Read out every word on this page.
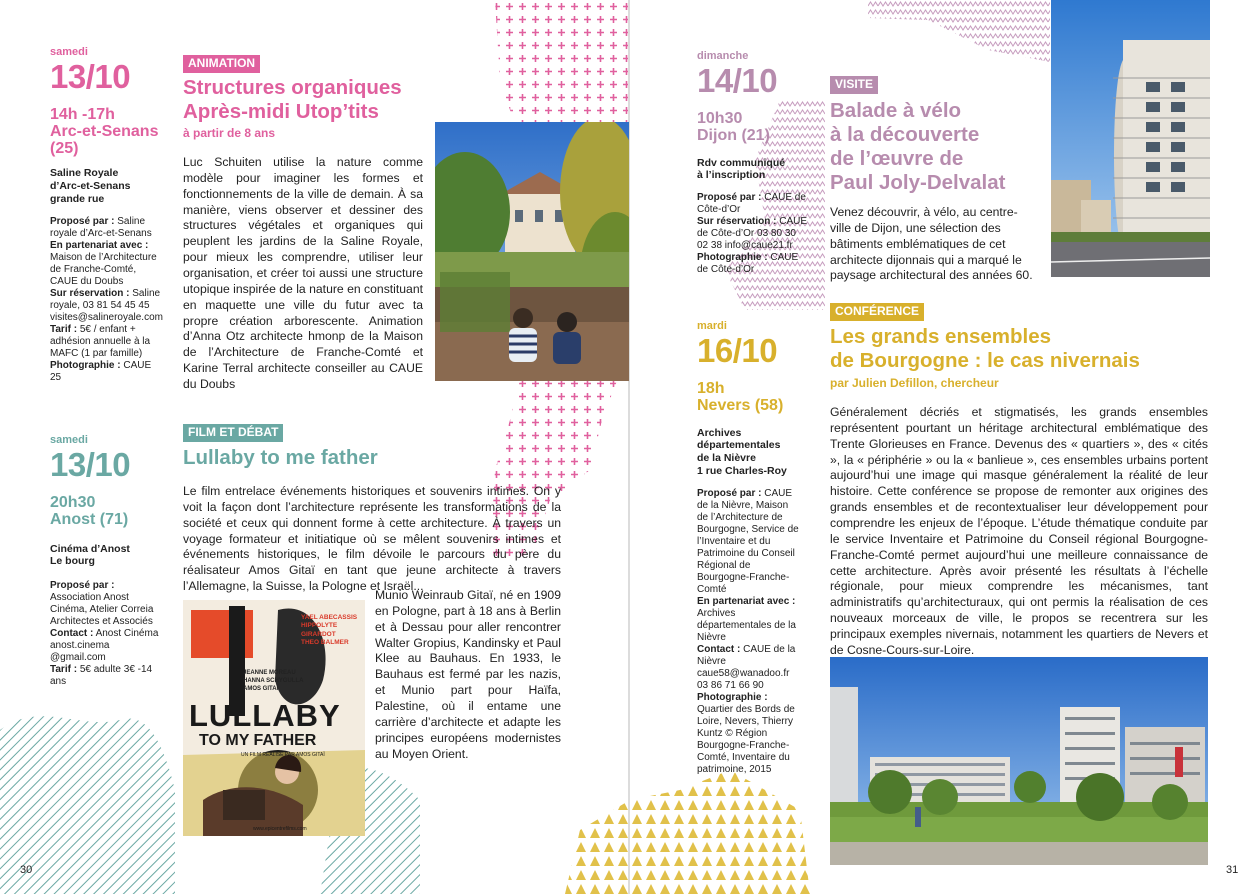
samedi
13/10
14h -17h
Arc-et-Senans
(25)
Saline Royale
d’Arc-et-Senans
grande rue
Proposé par : Saline royale d’Arc-et-Senans
En partenariat avec : Maison de l’Architecture de Franche-Comté, CAUE du Doubs
Sur réservation : Saline royale, 03 81 54 45 45 visites@salineroyale.com
Tarif : 5€ / enfant + adhésion annuelle à la MAFC (1 par famille)
Photographie : CAUE 25
ANIMATION
Structures organiques
Après-midi Utop’tits
à partir de 8 ans
Luc Schuiten utilise la nature comme modèle pour imaginer les formes et fonctionnements de la ville de demain. À sa manière, viens observer et dessiner des structures végétales et organiques qui peuplent les jardins de la Saline Royale, pour mieux les comprendre, utiliser leur organisation, et créer toi aussi une structure utopique inspirée de la nature en constituant en maquette une ville du futur avec ta propre création arborescente. Animation d’Anna Otz architecte hmonp de la Maison de l’Architecture de Franche-Comté et Karine Terral architecte conseiller au CAUE du Doubs
samedi
13/10
20h30
Anost (71)
Cinéma d’Anost
Le bourg
Proposé par : Association Anost Cinéma, Atelier Correia Architectes et Associés
Contact : Anost Cinéma anost.cinema @gmail.com
Tarif : 5€ adulte 3€ -14 ans
FILM ET DÉBAT
Lullaby to me father
Le film entrelace événements historiques et souvenirs intimes. On y voit la façon dont l’architecture représente les transformations de la société et ceux qui donnent forme à cette architecture. À travers un voyage formateur et initiatique où se mêlent souvenirs intimes et événements historiques, le film dévoile le parcours du père du réalisateur Amos Gitaï en tant que jeune architecte à travers l’Allemagne, la Suisse, la Pologne et Israël...
Munio Weinraub Gitaï, né en 1909 en Pologne, part à 18 ans à Berlin et à Dessau pour aller rencontrer Walter Gropius, Kandinsky et Paul Klee au Bauhaus. En 1933, le Bauhaus est fermé par les nazis, et Munio part pour Haïfa, Palestine, où il entame une carrière d’architecte et adapte les principes européens modernistes au Moyen Orient.
YAEL ABECASSIS
HIPPOLYTE GIRARDOT
THEO BALMER
JEANNE MOREAU
HANNA SCHYGULLA
AMOS GITAÏ
LULLABY
TO MY FATHER
UN FILM RÉALISÉ PAR AMOS GITAÏ
www.epicentrefilms.com
30
dimanche
14/10
10h30
Dijon (21)
Rdv communiqué
à l’inscription
Proposé par : CAUE de Côte-d’Or
Sur réservation : CAUE de Côte-d’Or 03 80 30 02 38 info@caue21.fr
Photographie : CAUE de Côte-d’Or
VISITE
Balade à vélo
à la découverte
de l’œuvre de
Paul Joly-Delvalat
Venez découvrir, à vélo, au centre-ville de Dijon, une sélection des bâtiments emblématiques de cet architecte dijonnais qui a marqué le paysage architectural des années 60.
mardi
16/10
18h
Nevers (58)
Archives
départementales
de la Nièvre
1 rue Charles-Roy
Proposé par : CAUE de la Nièvre, Maison de l’Architecture de Bourgogne, Service de l’Inventaire et du Patrimoine du Conseil Régional de Bourgogne-Franche-Comté
En partenariat avec : Archives départementales de la Nièvre
Contact : CAUE de la Nièvre caue58@wanadoo.fr 03 86 71 66 90
Photographie : Quartier des Bords de Loire, Nevers, Thierry Kuntz © Région Bourgogne-Franche-Comté, Inventaire du patrimoine, 2015
CONFÉRENCE
Les grands ensembles
de Bourgogne : le cas nivernais
par Julien Defillon, chercheur
Généralement décriés et stigmatisés, les grands ensembles représentent pourtant un héritage architectural emblématique des Trente Glorieuses en France. Devenus des « quartiers », des « cités », la « périphérie » ou la « banlieue », ces ensembles urbains portent aujourd’hui une image qui masque généralement la réalité de leur histoire. Cette conférence se propose de remonter aux origines des grands ensembles et de recontextualiser leur développement pour comprendre les enjeux de l’époque. L’étude thématique conduite par le service Inventaire et Patrimoine du Conseil régional Bourgogne-Franche-Comté permet aujourd’hui une meilleure connaissance de cette architecture. Après avoir présenté les résultats à l’échelle régionale, pour mieux comprendre les mécanismes, tant administratifs qu’architecturaux, qui ont permis la réalisation de ces nouveaux morceaux de ville, le propos se recentrera sur les principaux exemples nivernais, notamment les quartiers de Nevers et de Cosne-Cours-sur-Loire.
31
